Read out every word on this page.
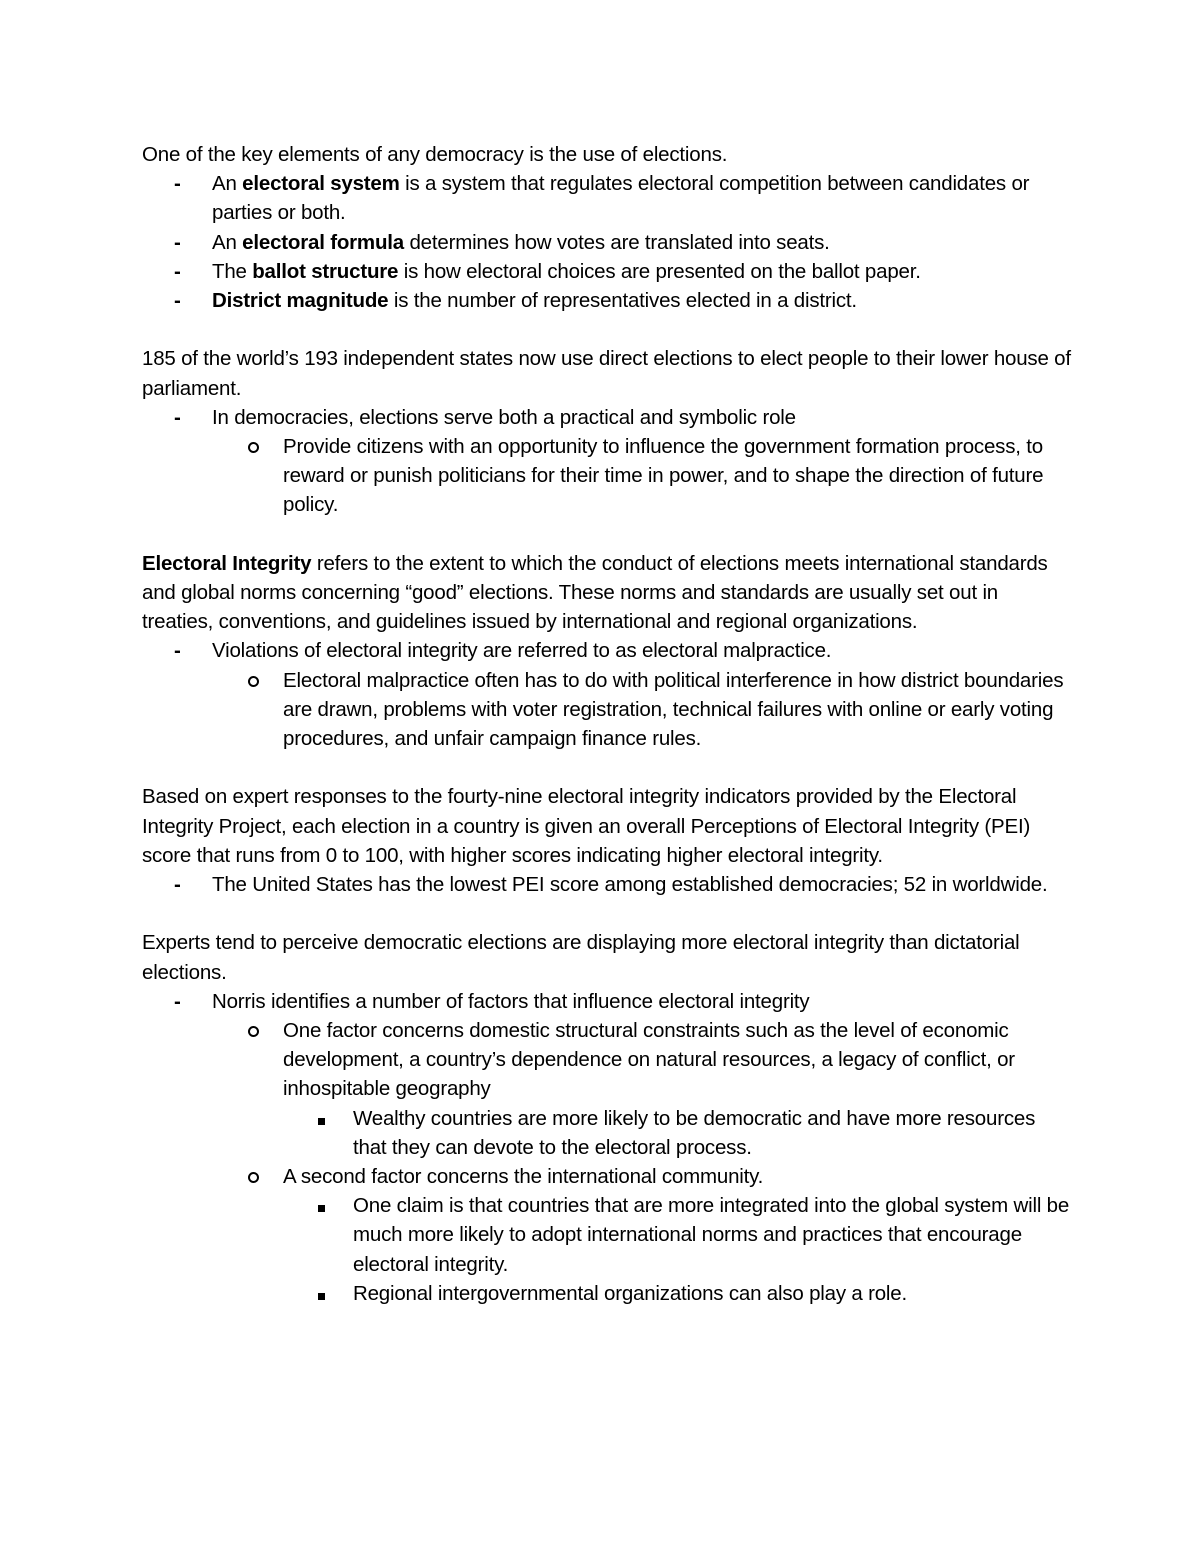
One of the key elements of any democracy is the use of elections.

- An electoral system is a system that regulates electoral competition between candidates or parties or both.
- An electoral formula determines how votes are translated into seats.
- The ballot structure is how electoral choices are presented on the ballot paper.
- District magnitude is the number of representatives elected in a district.

185 of the world’s 193 independent states now use direct elections to elect people to their lower house of parliament.

- In democracies, elections serve both a practical and symbolic role
Provide citizens with an opportunity to influence the government formation process, to reward or punish politicians for their time in power, and to shape the direction of future policy.

Electoral Integrity refers to the extent to which the conduct of elections meets international standards and global norms concerning “good” elections. These norms and standards are usually set out in treaties, conventions, and guidelines issued by international and regional organizations.

- Violations of electoral integrity are referred to as electoral malpractice.
Electoral malpractice often has to do with political interference in how district boundaries are drawn, problems with voter registration, technical failures with online or early voting procedures, and unfair campaign finance rules.

Based on expert responses to the fourty-nine electoral integrity indicators provided by the Electoral Integrity Project, each election in a country is given an overall Perceptions of Electoral Integrity (PEI) score that runs from 0 to 100, with higher scores indicating higher electoral integrity.

- The United States has the lowest PEI score among established democracies; 52 in worldwide.

Experts tend to perceive democratic elections are displaying more electoral integrity than dictatorial elections.

- Norris identifies a number of factors that influence electoral integrity
One factor concerns domestic structural constraints such as the level of economic development, a country’s dependence on natural resources, a legacy of conflict, or inhospitable geography
Wealthy countries are more likely to be democratic and have more resources that they can devote to the electoral process.
A second factor concerns the international community.
One claim is that countries that are more integrated into the global system will be much more likely to adopt international norms and practices that encourage electoral integrity.
Regional intergovernmental organizations can also play a role.
